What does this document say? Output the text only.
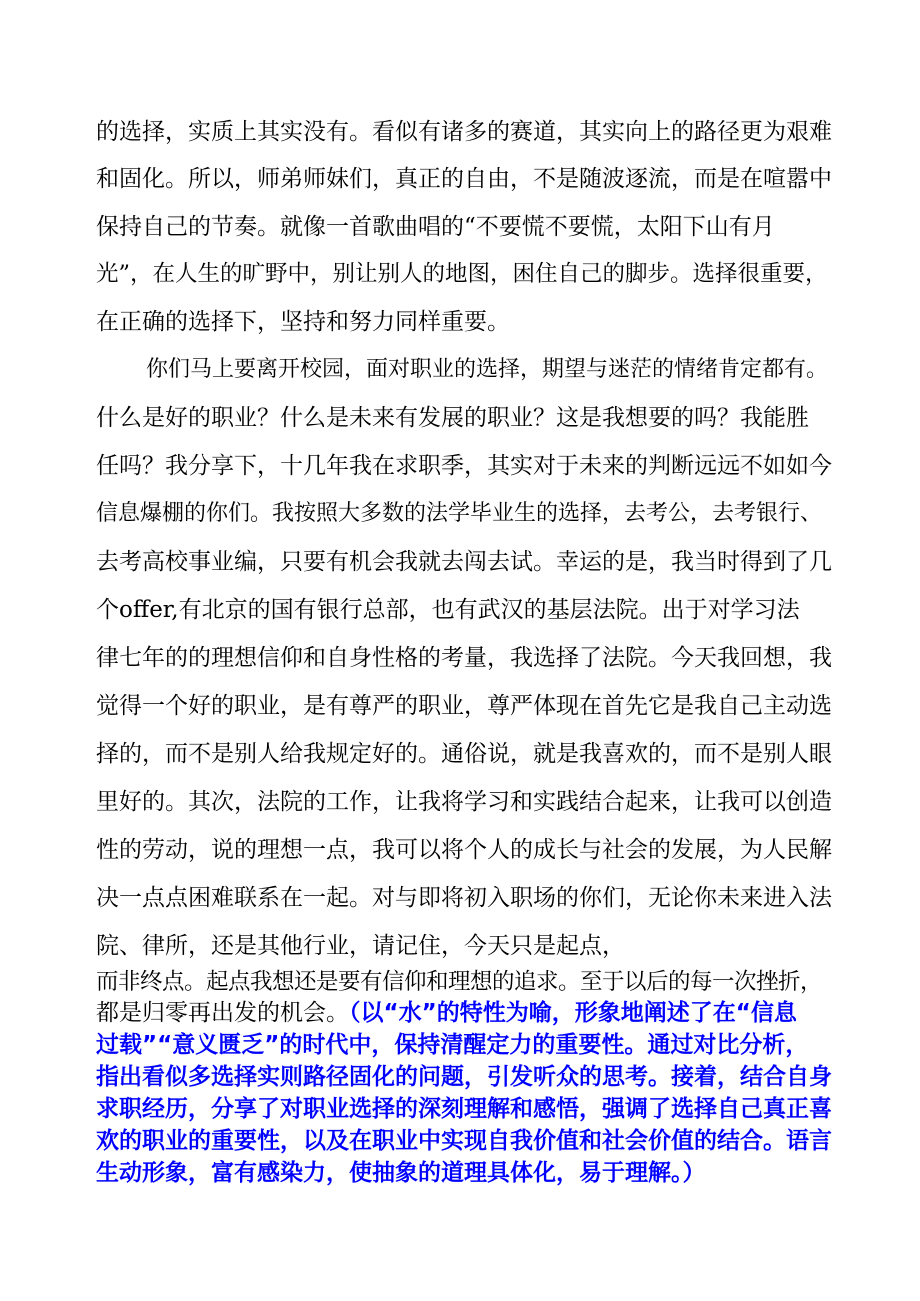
的选择，实质上其实没有。看似有诸多的赛道，其实向上的路径更为艰难
和固化。所以，师弟师妹们，真正的自由，不是随波逐流，而是在喧嚣中
保持自己的节奏。就像一首歌曲唱的“不要慌不要慌，太阳下山有月
光”，在人生的旷野中，别让别人的地图，困住自己的脚步。选择很重要，
在正确的选择下，坚持和努力同样重要。
你们马上要离开校园，面对职业的选择，期望与迷茫的情绪肯定都有。
什么是好的职业？什么是未来有发展的职业？这是我想要的吗？我能胜
任吗？我分享下，十几年我在求职季，其实对于未来的判断远远不如如今
信息爆棚的你们。我按照大多数的法学毕业生的选择，去考公，去考银行、
去考高校事业编，只要有机会我就去闯去试。幸运的是，我当时得到了几
个offer,有北京的国有银行总部，也有武汉的基层法院。出于对学习法
律七年的的理想信仰和自身性格的考量，我选择了法院。今天我回想，我
觉得一个好的职业，是有尊严的职业，尊严体现在首先它是我自己主动选
择的，而不是别人给我规定好的。通俗说，就是我喜欢的，而不是别人眼
里好的。其次，法院的工作，让我将学习和实践结合起来，让我可以创造
性的劳动，说的理想一点，我可以将个人的成长与社会的发展，为人民解
决一点点困难联系在一起。对与即将初入职场的你们，无论你未来进入法
院、律所，还是其他行业，请记住，今天只是起点，
而非终点。起点我想还是要有信仰和理想的追求。至于以后的每一次挫折，
都是归零再出发的机会。（以“水”的特性为喻，形象地阐述了在“信息
过载”“意义匮乏”的时代中，保持清醒定力的重要性。通过对比分析，
指出看似多选择实则路径固化的问题，引发听众的思考。接着，结合自身
求职经历，分享了对职业选择的深刻理解和感悟，强调了选择自己真正喜
欢的职业的重要性，以及在职业中实现自我价值和社会价值的结合。语言
生动形象，富有感染力，使抽象的道理具体化，易于理解。）
